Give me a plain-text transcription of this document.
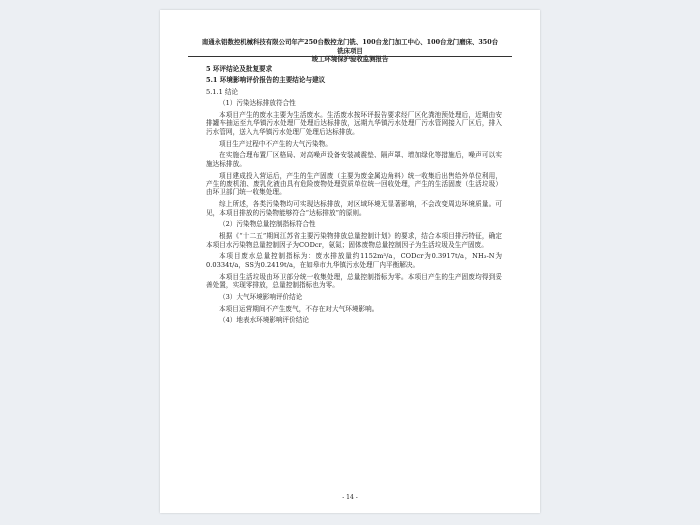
南通永铝数控机械科技有限公司年产250台数控龙门铣、100台龙门加工中心、100台龙门磨床、350台铣床项目
竣工环境保护验收监测报告
5 环评结论及批复要求
5.1 环境影响评价报告的主要结论与建议
5.1.1 结论
（1）污染达标排放符合性
本项目产生的废水主要为生活废水。生活废水按环评报告要求经厂区化粪池预处理后，近期由安排罐车抽运至九华镇污水处理厂处理后达标排放，远期九华镇污水处理厂污水管网接入厂区后，排入污水管网，送入九华镇污水处理厂处理后达标排放。
项目生产过程中不产生的大气污染物。
在实施合理布置厂区格局、对高噪声设备安装减震垫、隔声罩、增加绿化等措施后，噪声可以实施达标排放。
项目建成投入营运后，产生的生产固废（主要为废金属边角料）统一收集后出售给外单位利用，产生的废机油、废乳化液由具有危险废物处理资质单位统一回收处理，产生的生活固废（生活垃圾）由环卫部门统一收集处理。
综上所述，各类污染物均可实现达标排放，对区域环境无显著影响，不会改变周边环境质量。可见，本项目排放的污染物能够符合“达标排放”的原则。
（2）污染物总量控制指标符合性
根据《“十二五”期间江苏省主要污染物排放总量控制计划》的要求，结合本项目排污特征，确定本项目水污染物总量控制因子为CODcr，氨氮；固体废物总量控制因子为生活垃圾及生产固废。
本项目废水总量控制指标为：废水排放量约1152m³/a，CODcr为0.3917t/a，NH₃-N为0.0334t/a，SS为0.2419t/a，在如皋市九华镇污水处理厂内平衡解决。
本项目生活垃圾由环卫部分统一收集处理，总量控制指标为零。本项目产生的生产固废均得到妥善处置，实现零排放，总量控制指标也为零。
（3）大气环境影响评价结论
本项目运营期间不产生废气，不存在对大气环境影响。
（4）地表水环境影响评价结论
- 14 -
